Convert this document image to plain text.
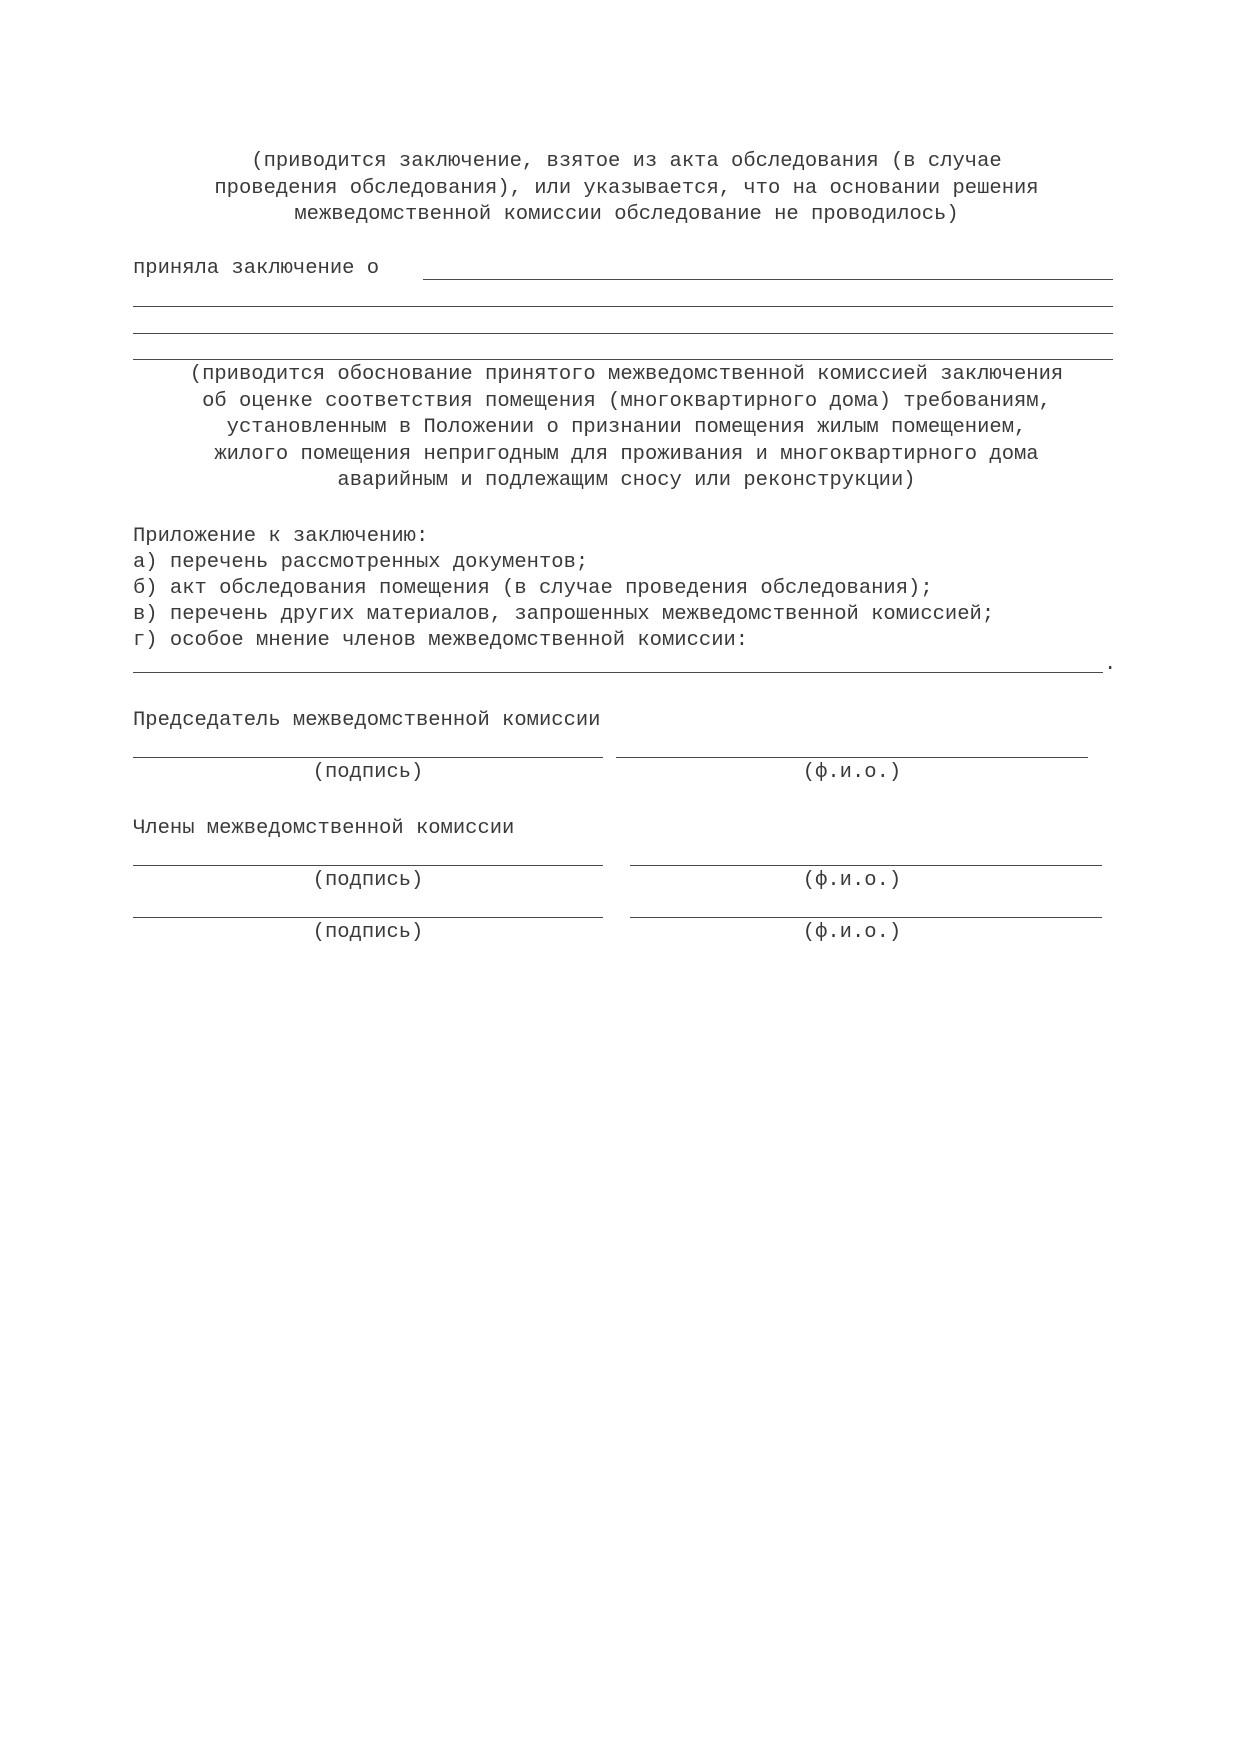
(приводится заключение, взятое из акта обследования (в случае
проведения обследования), или указывается, что на основании решения
межведомственной комиссии обследование не проводилось)
приняла заключение о
(приводится обоснование принятого межведомственной комиссией заключения
об оценке соответствия помещения (многоквартирного дома) требованиям,
установленным в Положении о признании помещения жилым помещением,
жилого помещения непригодным для проживания и многоквартирного дома
аварийным и подлежащим сносу или реконструкции)
Приложение к заключению:
а) перечень рассмотренных документов;
б) акт обследования помещения (в случае проведения обследования);
в) перечень других материалов, запрошенных межведомственной комиссией;
г) особое мнение членов межведомственной комиссии:
.
Председатель межведомственной комиссии
(подпись)	(ф.и.о.)
Члены межведомственной комиссии
(подпись)	(ф.и.о.)
(подпись)	(ф.и.о.)
